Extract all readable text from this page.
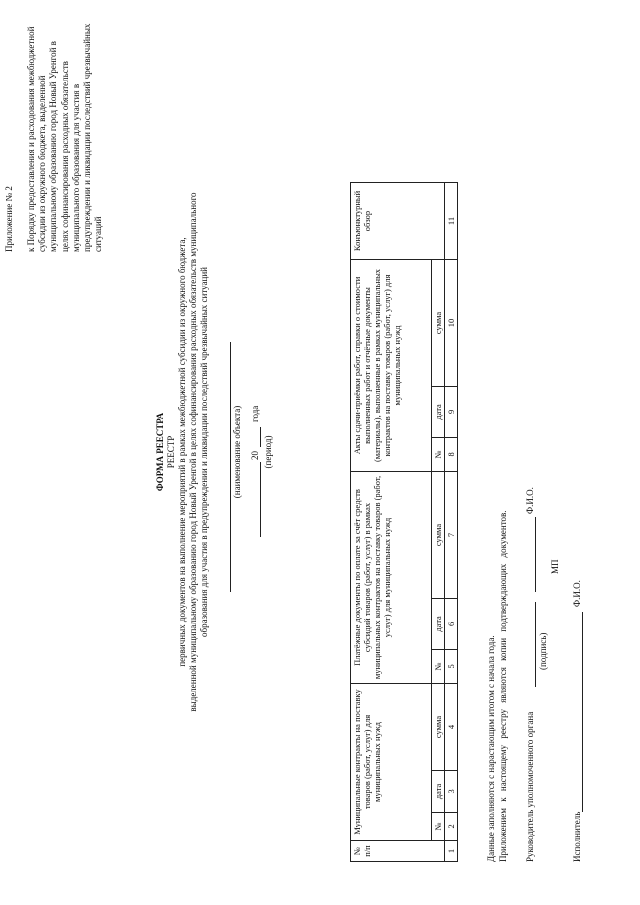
Приложение № 2 к Порядку предоставления и расходования межбюджетной субсидии из окружного бюджета, выделенной муниципальному образованию город Новый Уренгой в целях софинансирования расходных обязательств муниципального образования для участия в предупреждении и ликвидации последствий чрезвычайных ситуаций
ФОРМА РЕЕСТРА РЕЕСТР первичных документов на выполнение мероприятий в рамках межбюджетной субсидии из окружного бюджета, выделенной муниципальному образованию город Новый Уренгой в целях софинансирования расходных обязательств муниципального образования для участия в предупреждении и ликвидации последствий чрезвычайных ситуаций	(наименование объекта) 20
года
(период)
№ п/п	Муниципальные контракты на поставку товаров (работ, услуг) для муниципальных нужд			Платёжные документы по оплате за счёт средств субсидий товаров (работ, услуг) в рамках муниципальных контрактов на поставку товаров (работ, услуг) для муниципальных нужд			Акты сдачи-приёмки работ, справки о стоимости выполненных работ и отчётные документы (материалы), выполненные в рамках муниципальных контрактов на поставку товаров (работ, услуг) для муниципальных нужд			Конъюнктурный обзор
	№	дата	сумма	№	дата	сумма	№	дата	сумма	
1	2	3	4	5	6	7	8	9	10	11
Данные заполняются с нарастающим итогом с начала года. Приложением к настоящему реестру являются копии подтверждающих документов. Руководитель уполномоченного органа
Ф.И.О.
(подпись)
МП
Исполнитель
Ф.И.О.
